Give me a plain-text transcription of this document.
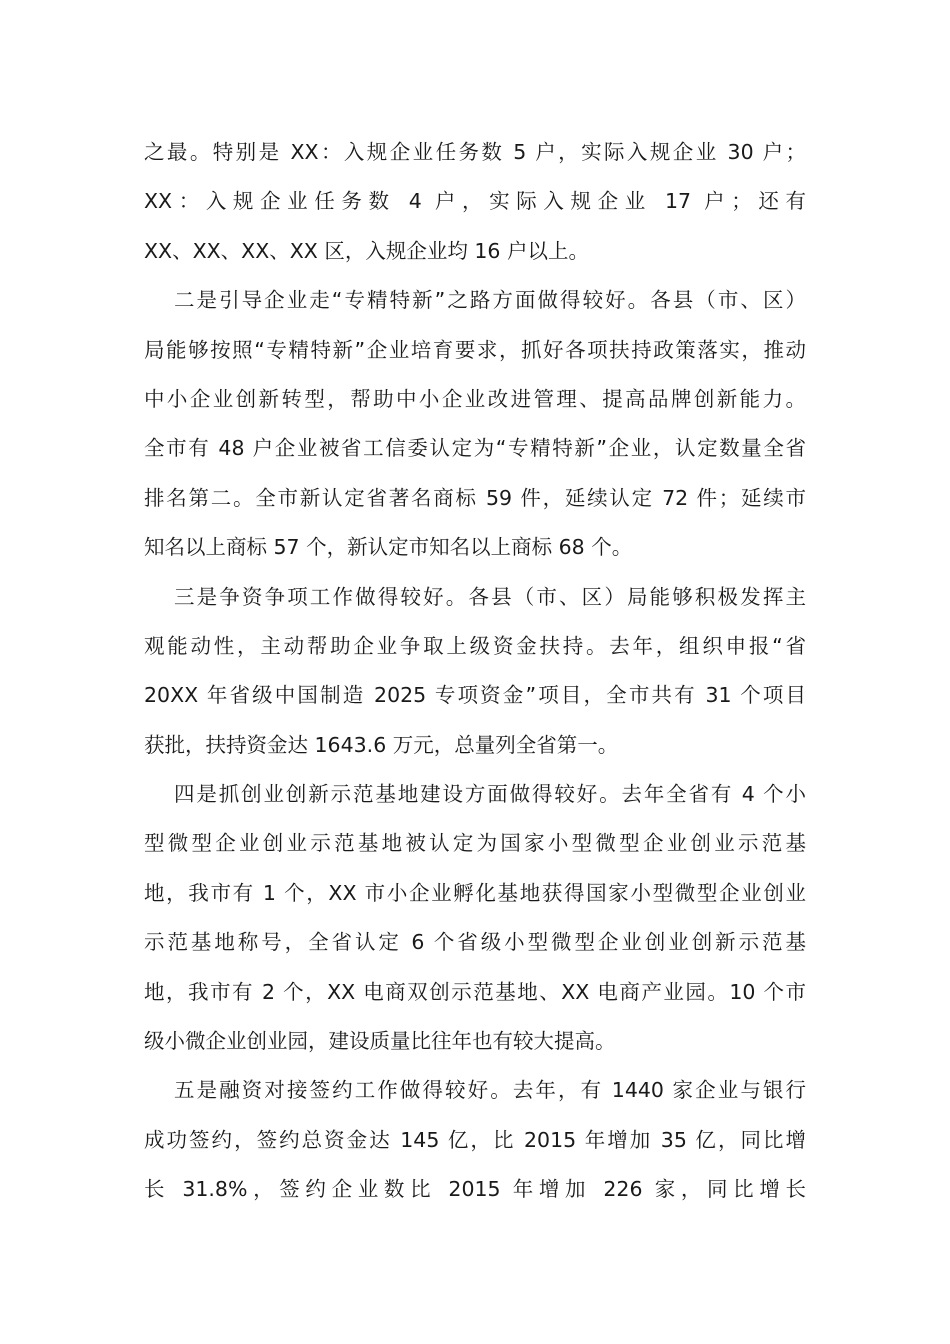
之最。特别是 XX：入规企业任务数 5 户，实际入规企业 30 户；
XX：入规企业任务数 4 户，实际入规企业 17 户；还有
XX、XX、XX、XX 区，入规企业均 16 户以上。
二是引导企业走“专精特新”之路方面做得较好。各县（市、区）
局能够按照“专精特新”企业培育要求，抓好各项扶持政策落实，推动
中小企业创新转型，帮助中小企业改进管理、提高品牌创新能力。
全市有 48 户企业被省工信委认定为“专精特新”企业，认定数量全省
排名第二。全市新认定省著名商标 59 件，延续认定 72 件；延续市
知名以上商标 57 个，新认定市知名以上商标 68 个。
三是争资争项工作做得较好。各县（市、区）局能够积极发挥主
观能动性，主动帮助企业争取上级资金扶持。去年，组织申报“省
20XX 年省级中国制造 2025 专项资金”项目，全市共有 31 个项目
获批，扶持资金达 1643.6 万元，总量列全省第一。
四是抓创业创新示范基地建设方面做得较好。去年全省有 4 个小
型微型企业创业示范基地被认定为国家小型微型企业创业示范基
地，我市有 1 个，XX 市小企业孵化基地获得国家小型微型企业创业
示范基地称号，全省认定 6 个省级小型微型企业创业创新示范基
地，我市有 2 个，XX 电商双创示范基地、XX 电商产业园。10 个市
级小微企业创业园，建设质量比往年也有较大提高。
五是融资对接签约工作做得较好。去年，有 1440 家企业与银行
成功签约，签约总资金达 145 亿，比 2015 年增加 35 亿，同比增
长 31.8%，签约企业数比 2015 年增加 226 家，同比增长
